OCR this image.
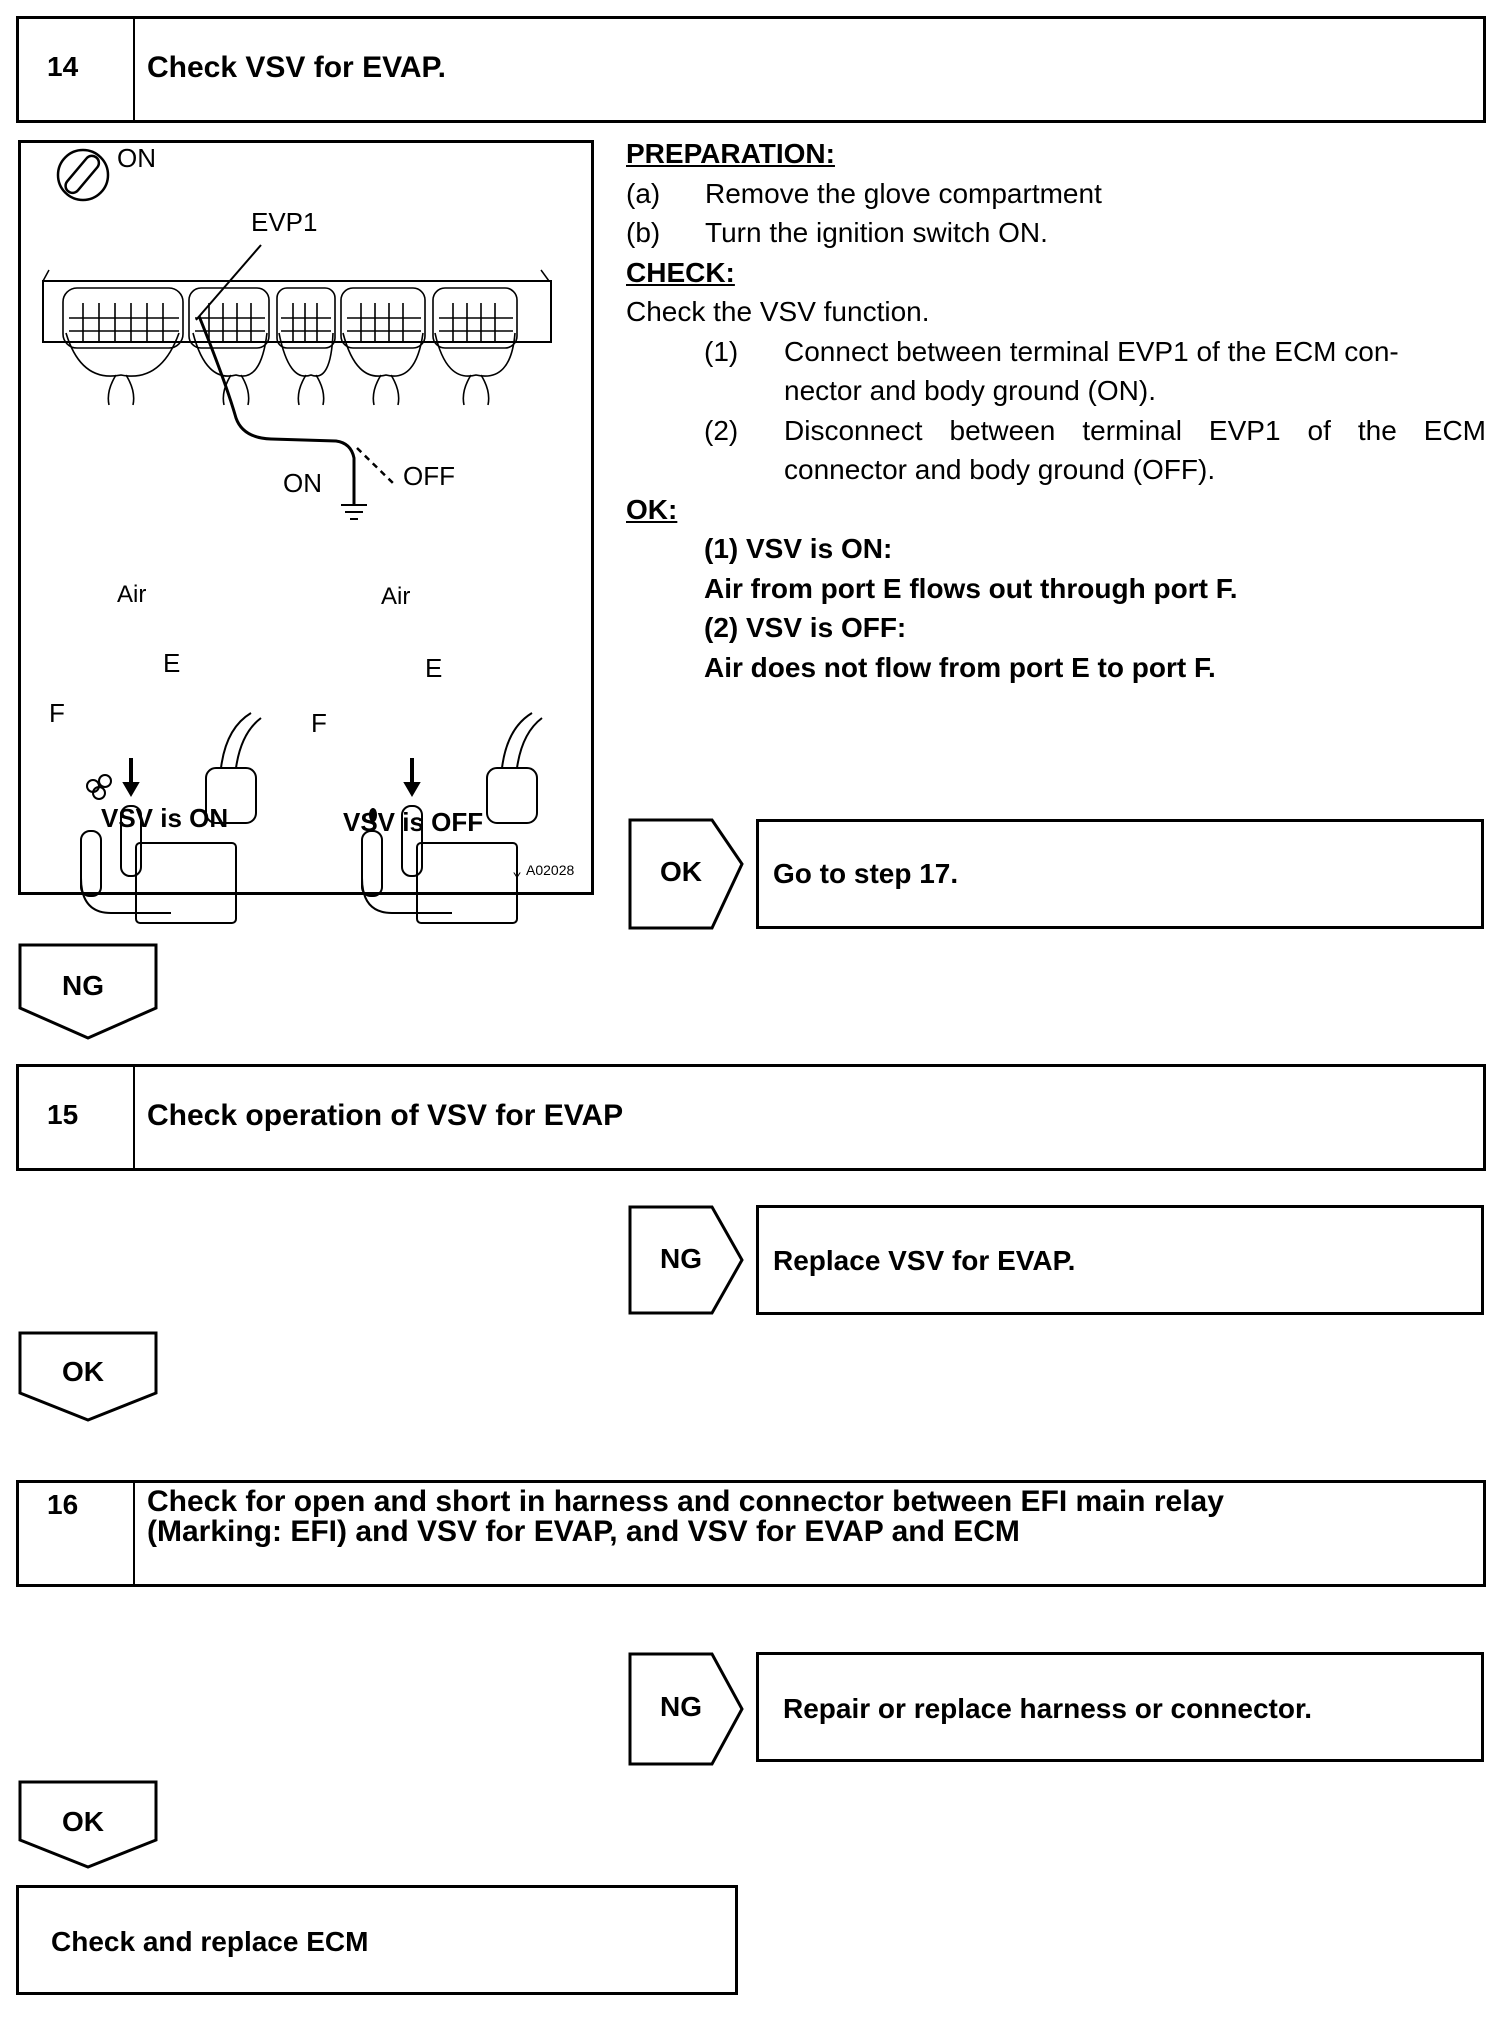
14	Check VSV for EVAP.
ON
EVP1
ON	OFF
Air
E
F
VSV is ON
Air
E
F
VSV is OFF
Y A02028
PREPARATION:
(a)	Remove the glove compartment
(b)	Turn the ignition switch ON.
CHECK:
Check the VSV function.
(1)	Connect between terminal EVP1 of the ECM con-
nector and body ground (ON).
(2)	Disconnect between terminal EVP1 of the ECM
connector and body ground (OFF).
OK:
(1) VSV is ON:
Air from port E flows out through port F.
(2) VSV is OFF:
Air does not flow from port E to port F.
OK	Go to step 17.
NG
15	Check operation of VSV for EVAP
NG	Replace VSV for EVAP.
OK
16	Check for open and short in harness and connector between EFI main relay
(Marking: EFI) and VSV for EVAP, and VSV for EVAP and ECM
NG	Repair or replace harness or connector.
OK
Check and replace ECM
